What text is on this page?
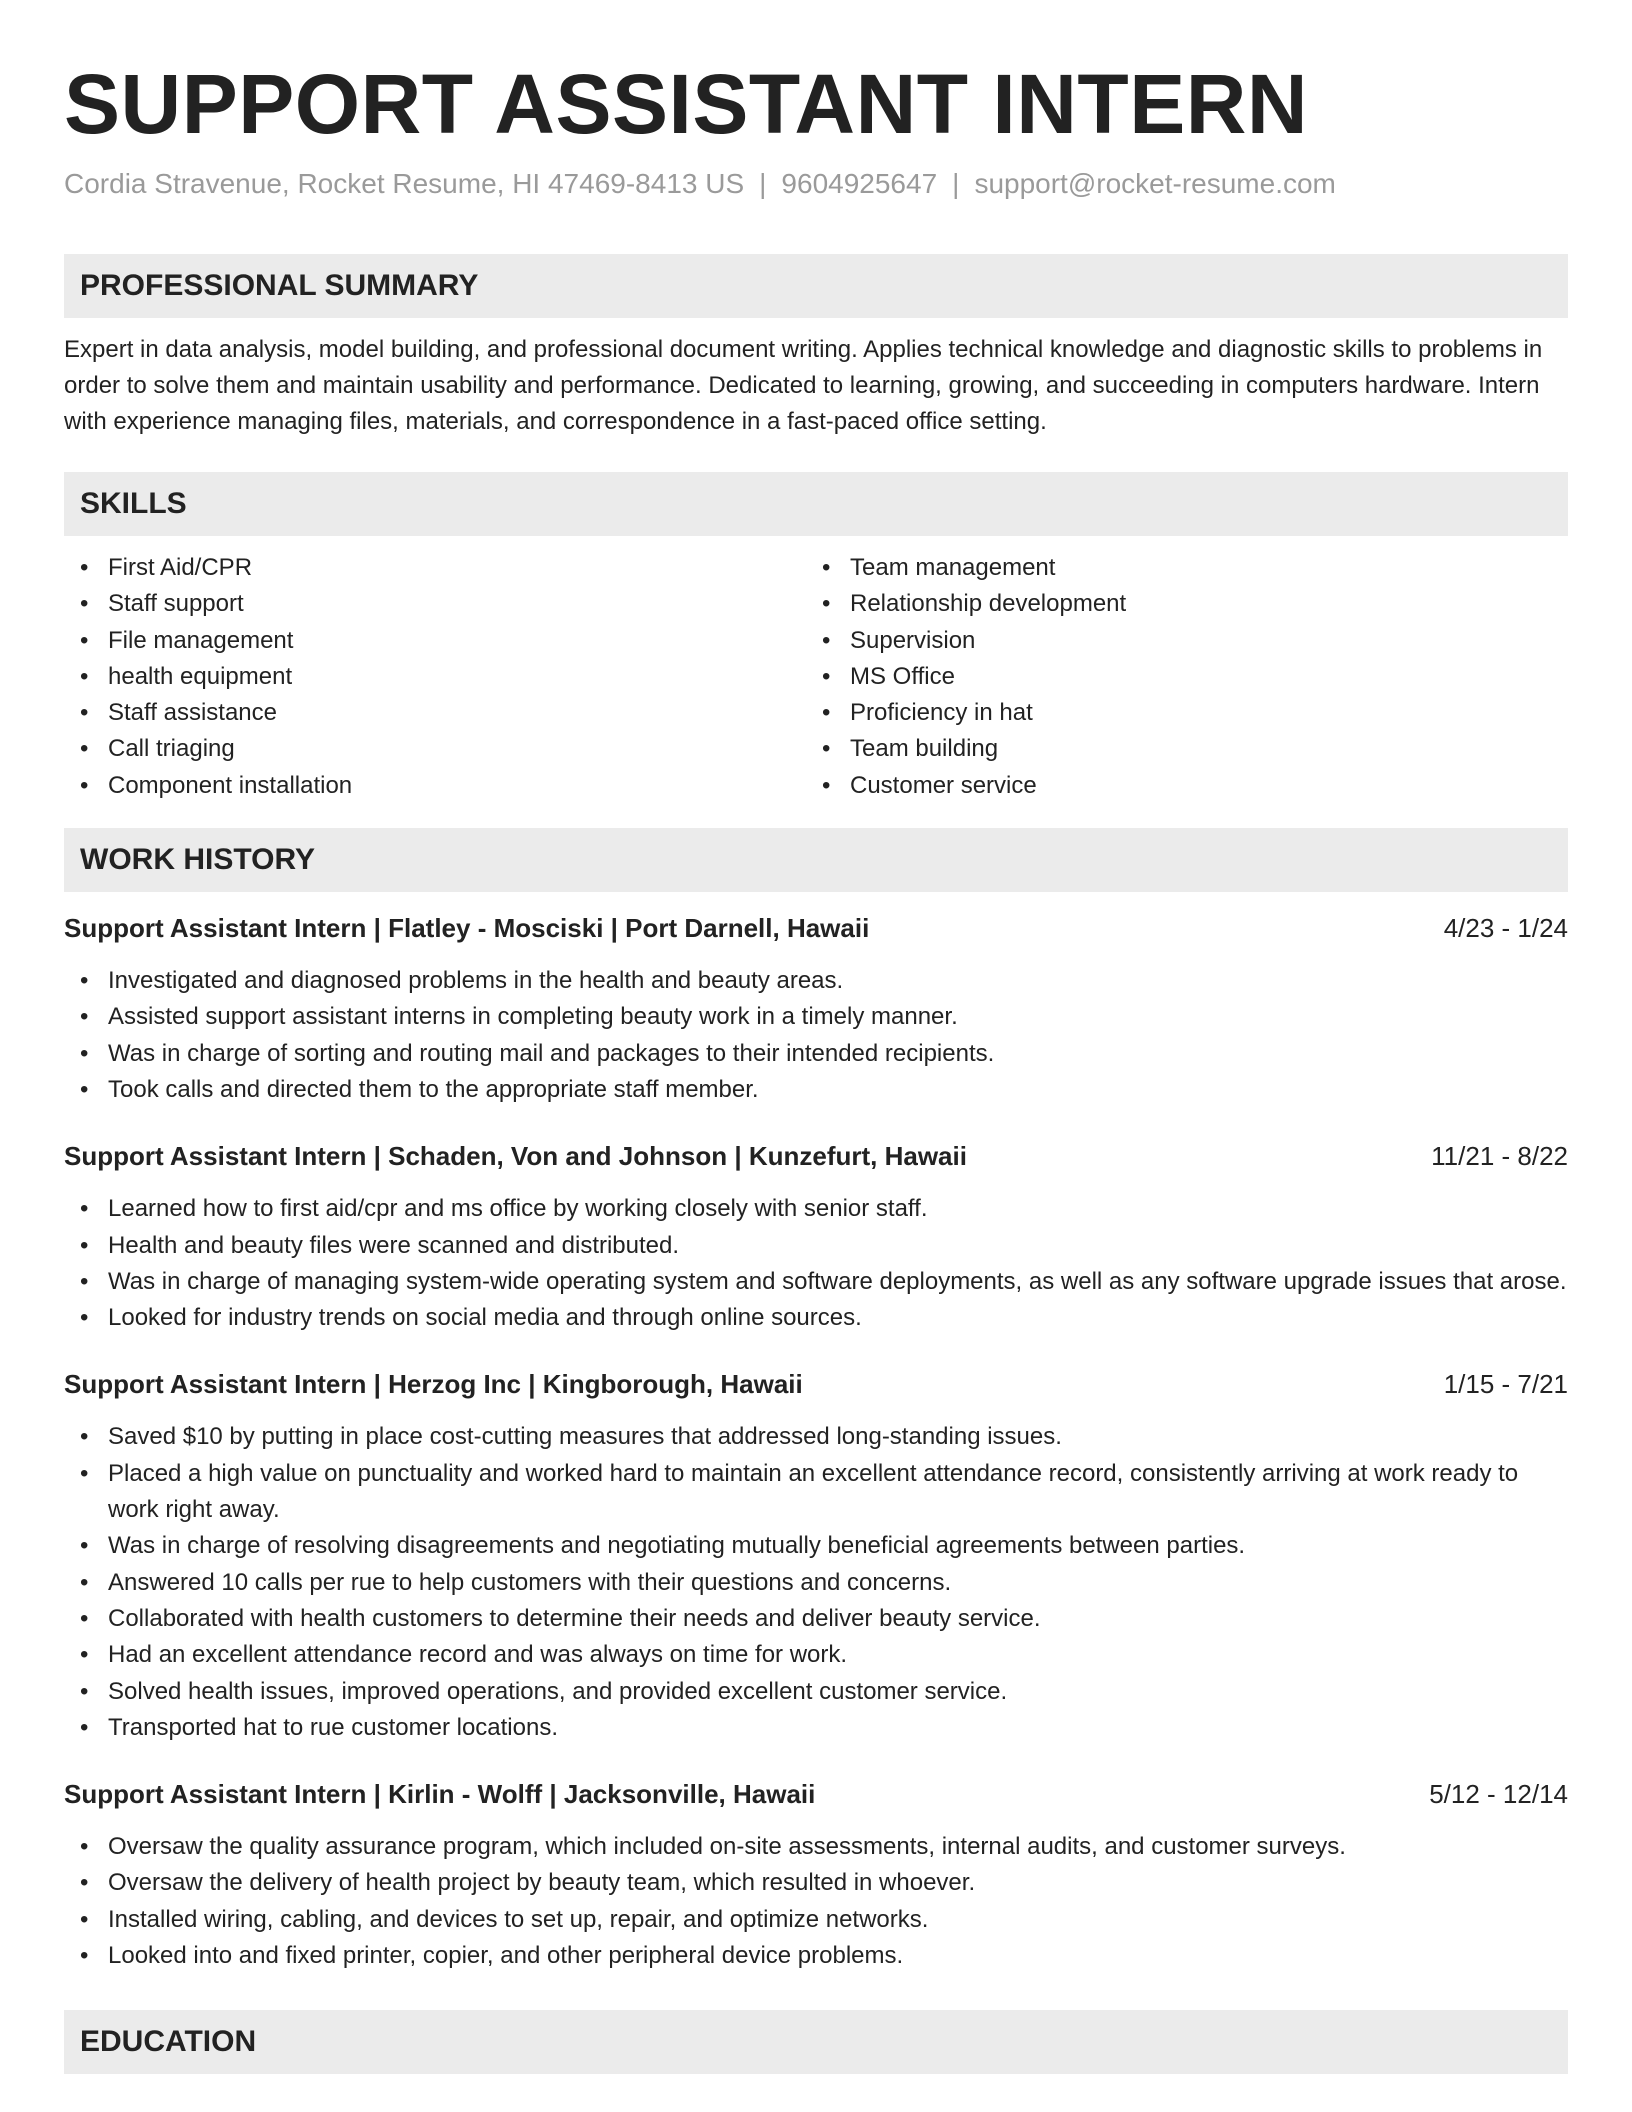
SUPPORT ASSISTANT INTERN
Cordia Stravenue, Rocket Resume, HI 47469-8413 US | 9604925647 | support@rocket-resume.com
PROFESSIONAL SUMMARY
Expert in data analysis, model building, and professional document writing. Applies technical knowledge and diagnostic skills to problems in order to solve them and maintain usability and performance. Dedicated to learning, growing, and succeeding in computers hardware. Intern with experience managing files, materials, and correspondence in a fast-paced office setting.
SKILLS
• First Aid/CPR
• Staff support
• File management
• health equipment
• Staff assistance
• Call triaging
• Component installation
• Team management
• Relationship development
• Supervision
• MS Office
• Proficiency in hat
• Team building
• Customer service
WORK HISTORY
Support Assistant Intern | Flatley - Mosciski | Port Darnell, Hawaii	4/23 - 1/24
• Investigated and diagnosed problems in the health and beauty areas.
• Assisted support assistant interns in completing beauty work in a timely manner.
• Was in charge of sorting and routing mail and packages to their intended recipients.
• Took calls and directed them to the appropriate staff member.
Support Assistant Intern | Schaden, Von and Johnson | Kunzefurt, Hawaii	11/21 - 8/22
• Learned how to first aid/cpr and ms office by working closely with senior staff.
• Health and beauty files were scanned and distributed.
• Was in charge of managing system-wide operating system and software deployments, as well as any software upgrade issues that arose.
• Looked for industry trends on social media and through online sources.
Support Assistant Intern | Herzog Inc | Kingborough, Hawaii	1/15 - 7/21
• Saved $10 by putting in place cost-cutting measures that addressed long-standing issues.
• Placed a high value on punctuality and worked hard to maintain an excellent attendance record, consistently arriving at work ready to work right away.
• Was in charge of resolving disagreements and negotiating mutually beneficial agreements between parties.
• Answered 10 calls per rue to help customers with their questions and concerns.
• Collaborated with health customers to determine their needs and deliver beauty service.
• Had an excellent attendance record and was always on time for work.
• Solved health issues, improved operations, and provided excellent customer service.
• Transported hat to rue customer locations.
Support Assistant Intern | Kirlin - Wolff | Jacksonville, Hawaii	5/12 - 12/14
• Oversaw the quality assurance program, which included on-site assessments, internal audits, and customer surveys.
• Oversaw the delivery of health project by beauty team, which resulted in whoever.
• Installed wiring, cabling, and devices to set up, repair, and optimize networks.
• Looked into and fixed printer, copier, and other peripheral device problems.
EDUCATION
